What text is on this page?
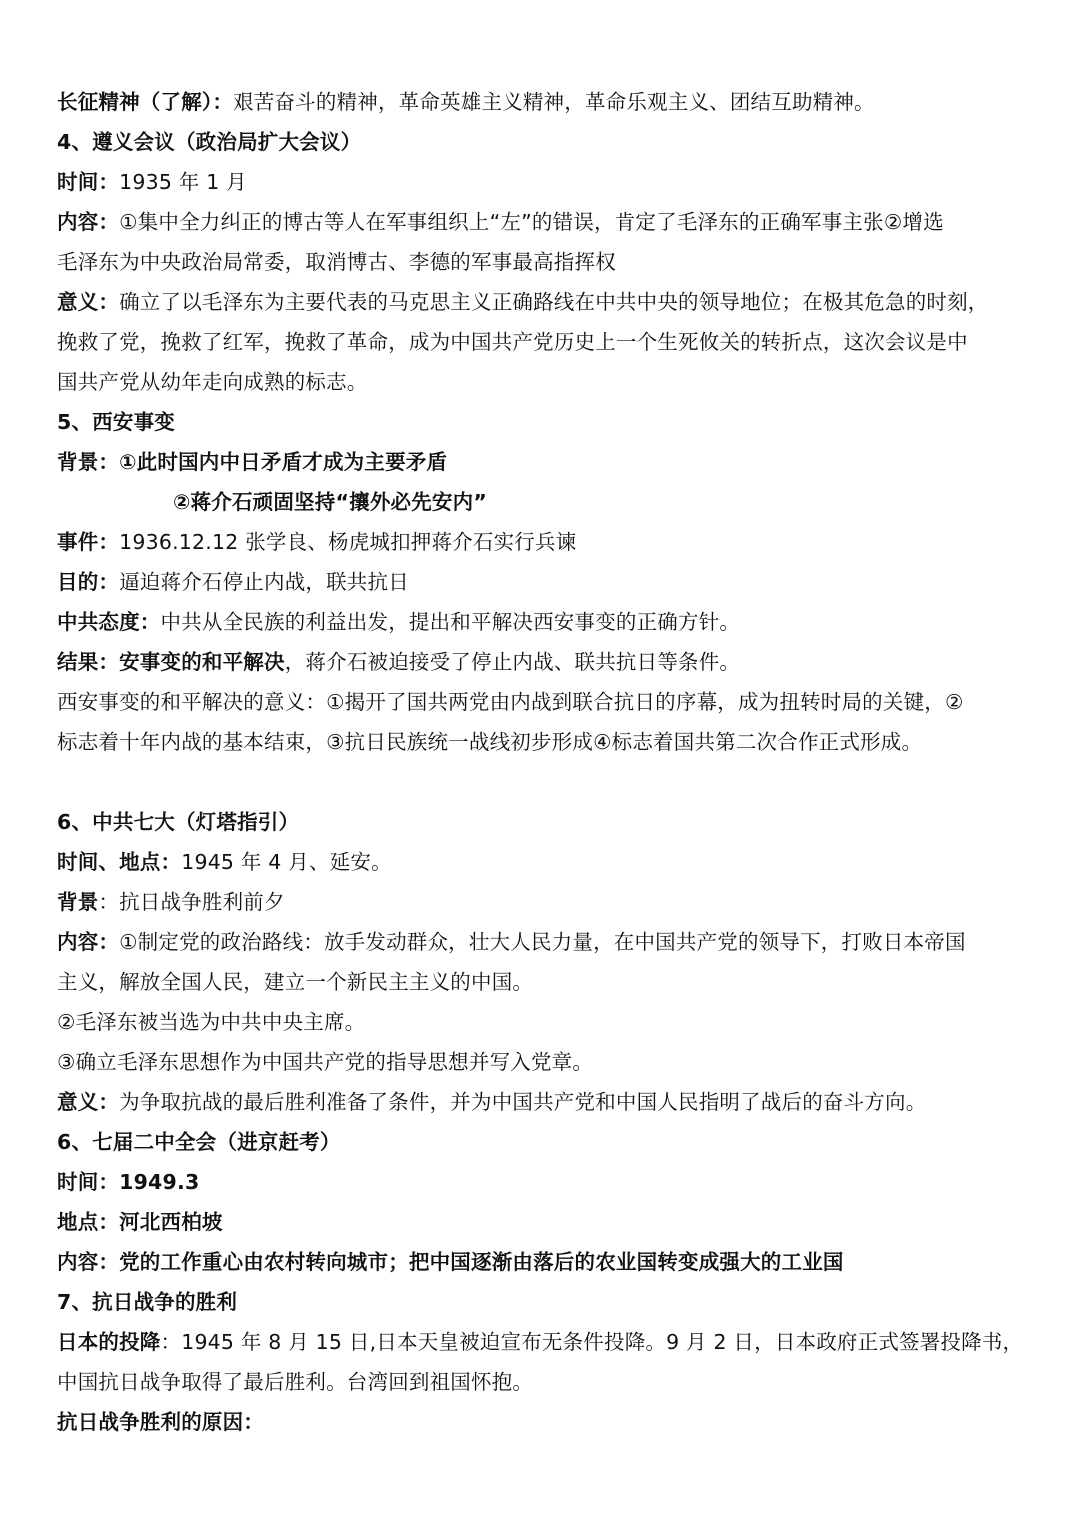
长征精神（了解）：艰苦奋斗的精神，革命英雄主义精神，革命乐观主义、团结互助精神。
4、遵义会议（政治局扩大会议）
时间：1935 年 1 月
内容：①集中全力纠正的博古等人在军事组织上“左”的错误，肯定了毛泽东的正确军事主张②增选
毛泽东为中央政治局常委，取消博古、李德的军事最高指挥权
意义：确立了以毛泽东为主要代表的马克思主义正确路线在中共中央的领导地位；在极其危急的时刻，
挽救了党，挽救了红军，挽救了革命，成为中国共产党历史上一个生死攸关的转折点，这次会议是中
国共产党从幼年走向成熟的标志。
5、西安事变
背景：①此时国内中日矛盾才成为主要矛盾
②蒋介石顽固坚持“攘外必先安内”
事件：1936.12.12 张学良、杨虎城扣押蒋介石实行兵谏
目的：逼迫蒋介石停止内战，联共抗日
中共态度：中共从全民族的利益出发，提出和平解决西安事变的正确方针。
结果：安事变的和平解决，蒋介石被迫接受了停止内战、联共抗日等条件。
西安事变的和平解决的意义：①揭开了国共两党由内战到联合抗日的序幕，成为扭转时局的关键，②
标志着十年内战的基本结束，③抗日民族统一战线初步形成④标志着国共第二次合作正式形成。
6、中共七大（灯塔指引）
时间、地点：1945 年 4 月、延安。
背景：抗日战争胜利前夕
内容：①制定党的政治路线：放手发动群众，壮大人民力量，在中国共产党的领导下，打败日本帝国
主义，解放全国人民，建立一个新民主主义的中国。
②毛泽东被当选为中共中央主席。
③确立毛泽东思想作为中国共产党的指导思想并写入党章。
意义：为争取抗战的最后胜利准备了条件，并为中国共产党和中国人民指明了战后的奋斗方向。
6、七届二中全会（进京赶考）
时间：1949.3
地点：河北西柏坡
内容：党的工作重心由农村转向城市；把中国逐渐由落后的农业国转变成强大的工业国
7、抗日战争的胜利
日本的投降：1945 年 8 月 15 日,日本天皇被迫宣布无条件投降。9 月 2 日，日本政府正式签署投降书，
中国抗日战争取得了最后胜利。台湾回到祖国怀抱。
抗日战争胜利的原因：
